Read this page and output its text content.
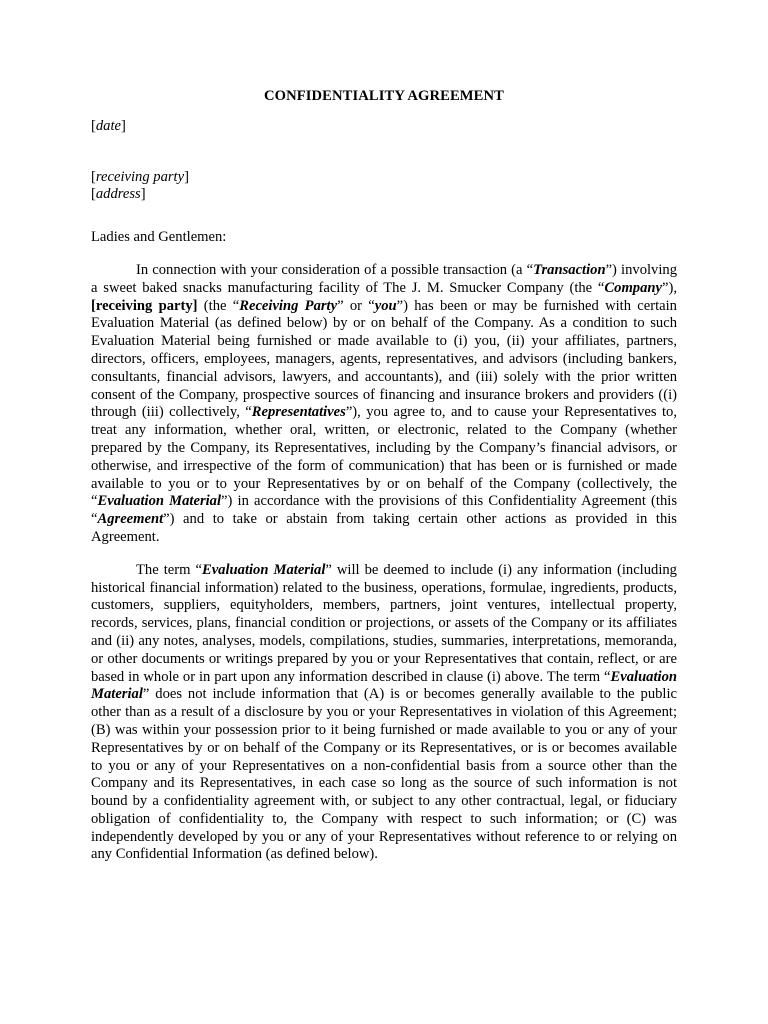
CONFIDENTIALITY AGREEMENT

[date]

[receiving party]

[address]

Ladies and Gentlemen:

In connection with your consideration of a possible transaction (a “Transaction”) involving a sweet baked snacks manufacturing facility of The J. M. Smucker Company (the “Company”), [receiving party] (the “Receiving Party” or “you”) has been or may be furnished with certain Evaluation Material (as defined below) by or on behalf of the Company. As a condition to such Evaluation Material being furnished or made available to (i) you, (ii) your affiliates, partners, directors, officers, employees, managers, agents, representatives, and advisors (including bankers, consultants, financial advisors, lawyers, and accountants), and (iii) solely with the prior written consent of the Company, prospective sources of financing and insurance brokers and providers ((i) through (iii) collectively, “Representatives”), you agree to, and to cause your Representatives to, treat any information, whether oral, written, or electronic, related to the Company (whether prepared by the Company, its Representatives, including by the Company’s financial advisors, or otherwise, and irrespective of the form of communication) that has been or is furnished or made available to you or to your Representatives by or on behalf of the Company (collectively, the “Evaluation Material”) in accordance with the provisions of this Confidentiality Agreement (this “Agreement”) and to take or abstain from taking certain other actions as provided in this Agreement.

The term “Evaluation Material” will be deemed to include (i) any information (including historical financial information) related to the business, operations, formulae, ingredients, products, customers, suppliers, equityholders, members, partners, joint ventures, intellectual property, records, services, plans, financial condition or projections, or assets of the Company or its affiliates and (ii) any notes, analyses, models, compilations, studies, summaries, interpretations, memoranda, or other documents or writings prepared by you or your Representatives that contain, reflect, or are based in whole or in part upon any information described in clause (i) above. The term “Evaluation Material” does not include information that (A) is or becomes generally available to the public other than as a result of a disclosure by you or your Representatives in violation of this Agreement; (B) was within your possession prior to it being furnished or made available to you or any of your Representatives by or on behalf of the Company or its Representatives, or is or becomes available to you or any of your Representatives on a non-confidential basis from a source other than the Company and its Representatives, in each case so long as the source of such information is not bound by a confidentiality agreement with, or subject to any other contractual, legal, or fiduciary obligation of confidentiality to, the Company with respect to such information; or (C) was independently developed by you or any of your Representatives without reference to or relying on any Confidential Information (as defined below).
